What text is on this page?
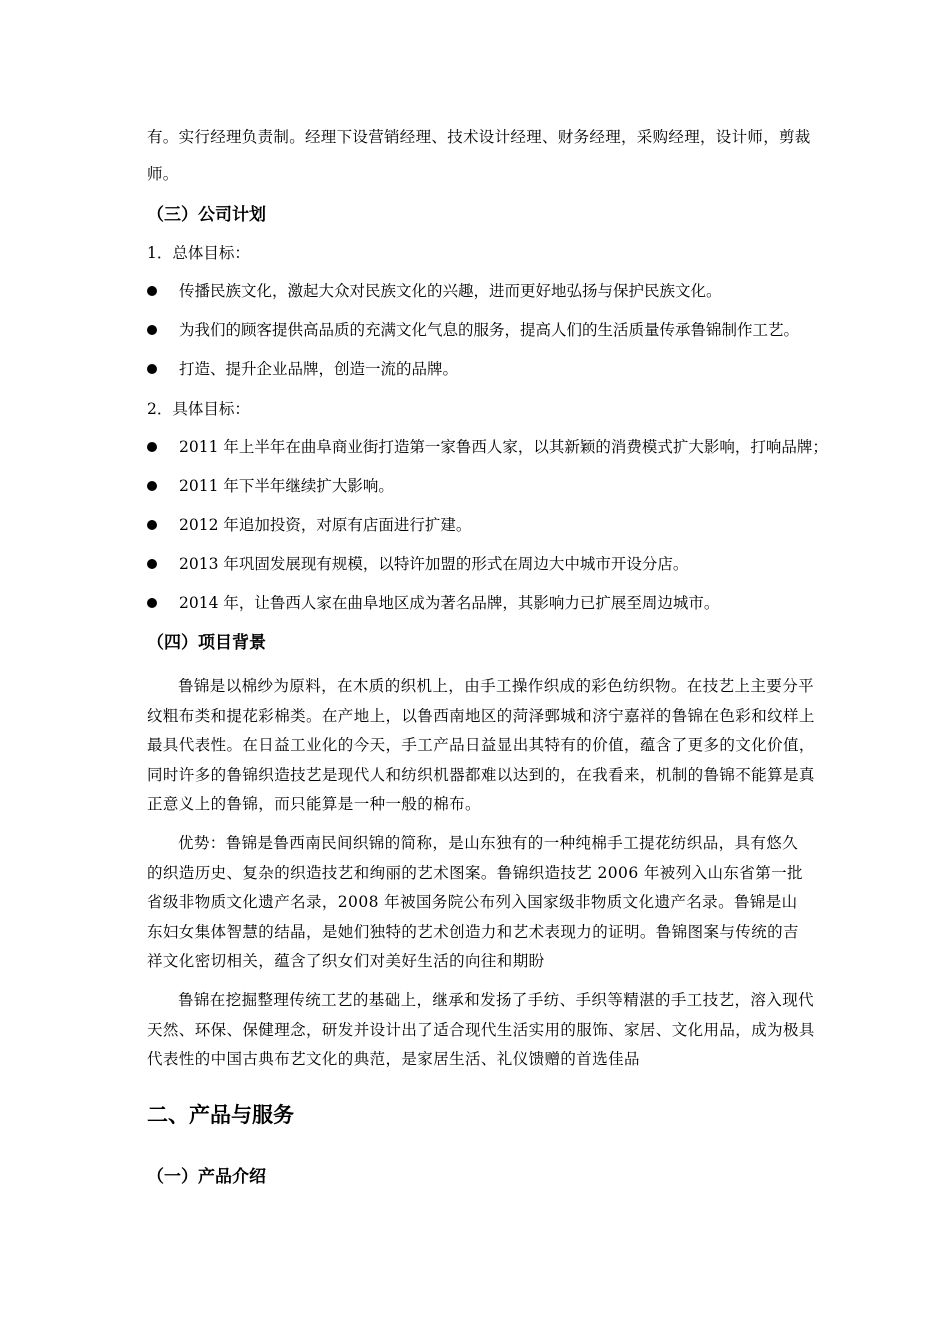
有。实行经理负责制。经理下设营销经理、技术设计经理、财务经理，采购经理，设计师，剪裁
师。
（三）公司计划
1．总体目标：
传播民族文化，激起大众对民族文化的兴趣，进而更好地弘扬与保护民族文化。
为我们的顾客提供高品质的充满文化气息的服务，提高人们的生活质量传承鲁锦制作工艺。
打造、提升企业品牌，创造一流的品牌。
2．具体目标：
2011 年上半年在曲阜商业街打造第一家鲁西人家，以其新颖的消费模式扩大影响，打响品牌；
2011 年下半年继续扩大影响。
2012 年追加投资，对原有店面进行扩建。
2013 年巩固发展现有规模，以特许加盟的形式在周边大中城市开设分店。
2014 年，让鲁西人家在曲阜地区成为著名品牌，其影响力已扩展至周边城市。
（四）项目背景
鲁锦是以棉纱为原料，在木质的织机上，由手工操作织成的彩色纺织物。在技艺上主要分平
纹粗布类和提花彩棉类。在产地上，以鲁西南地区的菏泽鄄城和济宁嘉祥的鲁锦在色彩和纹样上
最具代表性。在日益工业化的今天，手工产品日益显出其特有的价值，蕴含了更多的文化价值，
同时许多的鲁锦织造技艺是现代人和纺织机器都难以达到的，在我看来，机制的鲁锦不能算是真
正意义上的鲁锦，而只能算是一种一般的棉布。
优势：鲁锦是鲁西南民间织锦的简称，是山东独有的一种纯棉手工提花纺织品，具有悠久
的织造历史、复杂的织造技艺和绚丽的艺术图案。鲁锦织造技艺 2006 年被列入山东省第一批
省级非物质文化遗产名录，2008 年被国务院公布列入国家级非物质文化遗产名录。鲁锦是山
东妇女集体智慧的结晶，是她们独特的艺术创造力和艺术表现力的证明。鲁锦图案与传统的吉
祥文化密切相关，蕴含了织女们对美好生活的向往和期盼
鲁锦在挖掘整理传统工艺的基础上，继承和发扬了手纺、手织等精湛的手工技艺，溶入现代
天然、环保、保健理念，研发并设计出了适合现代生活实用的服饰、家居、文化用品，成为极具
代表性的中国古典布艺文化的典范，是家居生活、礼仪馈赠的首选佳品
二、产品与服务
（一）产品介绍
